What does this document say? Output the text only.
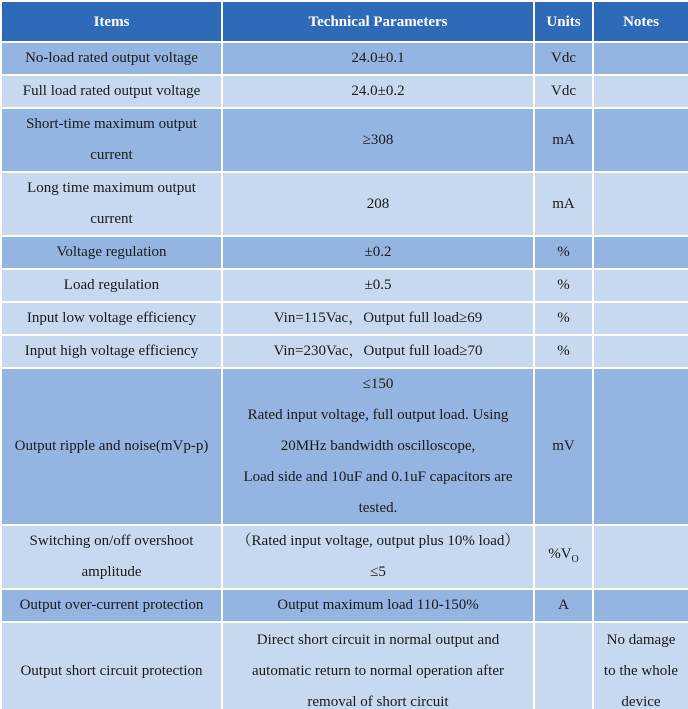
Items	Technical Parameters	Units	Notes

No-load rated output voltage	24.0±0.1	Vdc	

Full load rated output voltage	24.0±0.2	Vdc	

Short-time maximum output
current	≥308	mA	

Long time maximum output
current	208	mA	

Voltage regulation	±0.2	%	

Load regulation	±0.5	%	

Input low voltage efficiency	Vin=115Vac，Output full load≥69	%	

Input high voltage efficiency	Vin=230Vac，Output full load≥70	%	

Output ripple and noise(mVp-p)	≤150
Rated input voltage, full output load. Using
20MHz bandwidth oscilloscope,
Load side and 10uF and 0.1uF capacitors are
tested.	mV	

Switching on/off overshoot
amplitude	（Rated input voltage, output plus 10% load）
≤5	$\%V_O$	

Output over-current protection	Output maximum load 110-150%	A	

Output short circuit protection	Direct short circuit in normal output and
automatic return to normal operation after
removal of short circuit		No damage
to the whole
device
